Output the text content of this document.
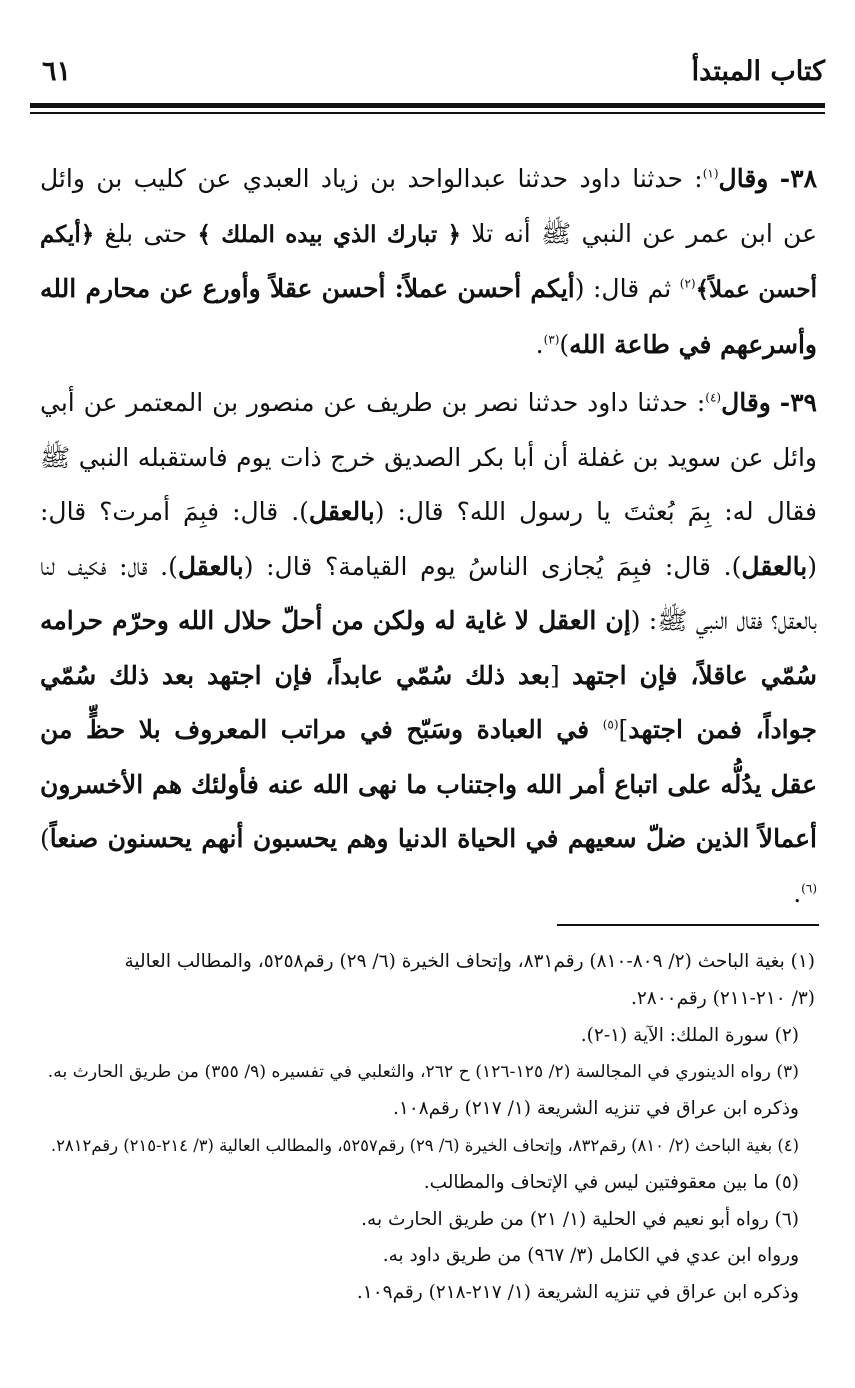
كتاب المبتدأ
٦١

٣٨- وقال$^{(١)}$: حدثنا داود حدثنا عبدالواحد بن زياد العبدي عن كليب بن وائل عن ابن عمر عن النبي ﷺ أنه تلا ﴿ تبارك الذي بيده الملك ﴾ حتى بلغ ﴿أيكم أحسن عملاً﴾$^{(٢)}$ ثم قال: (أيكم أحسن عملاً: أحسن عقلاً وأورع عن محارم الله وأسرعهم في طاعة الله)$^{(٣)}$.

٣٩- وقال$^{(٤)}$: حدثنا داود حدثنا نصر بن طريف عن منصور بن المعتمر عن أبي وائل عن سويد بن غفلة أن أبا بكر الصديق خرج ذات يوم فاستقبله النبي ﷺ فقال له: بِمَ بُعثتَ يا رسول الله؟ قال: (بالعقل). قال: فبِمَ أمرت؟ قال: (بالعقل). قال: فبِمَ يُجازى الناسُ يوم القيامة؟ قال: (بالعقل). قال: فكيف لنا بالعقل؟ فقال النبي ﷺ: (إن العقل لا غاية له ولكن من أحلّ حلال الله وحرّم حرامه سُمّي عاقلاً، فإن اجتهد [بعد ذلك سُمّي عابداً، فإن اجتهد بعد ذلك سُمّي جواداً، فمن اجتهد]$^{(٥)}$ في العبادة وسَبّح في مراتب المعروف بلا حظٍّ من عقل يدُلُّه على اتباع أمر الله واجتناب ما نهى الله عنه فأولئك هم الأخسرون أعمالاً الذين ضلّ سعيهم في الحياة الدنيا وهم يحسبون أنهم يحسنون صنعاً)$^{(٦)}$.

(١) بغية الباحث (٢/ ٨٠٩-٨١٠) رقم٨٣١، وإتحاف الخيرة (٦/ ٢٩) رقم٥٢٥٨، والمطالب العالية

(٣/ ٢١٠-٢١١) رقم٢٨٠٠.

(٢) سورة الملك: الآية (١-٢).

(٣) رواه الدينوري في المجالسة (٢/ ١٢٥-١٢٦) ح ٢٦٢، والثعلبي في تفسيره (٩/ ٣٥٥) من طريق الحارث به.

وذكره ابن عراق في تنزيه الشريعة (١/ ٢١٧) رقم١٠٨.

(٤) بغية الباحث (٢/ ٨١٠) رقم٨٣٢، وإتحاف الخيرة (٦/ ٢٩) رقم٥٢٥٧، والمطالب العالية (٣/ ٢١٤-٢١٥) رقم٢٨١٢.

(٥) ما بين معقوفتين ليس في الإتحاف والمطالب.

(٦) رواه أبو نعيم في الحلية (١/ ٢١) من طريق الحارث به.

ورواه ابن عدي في الكامل (٣/ ٩٦٧) من طريق داود به.

وذكره ابن عراق في تنزيه الشريعة (١/ ٢١٧-٢١٨) رقم١٠٩.
